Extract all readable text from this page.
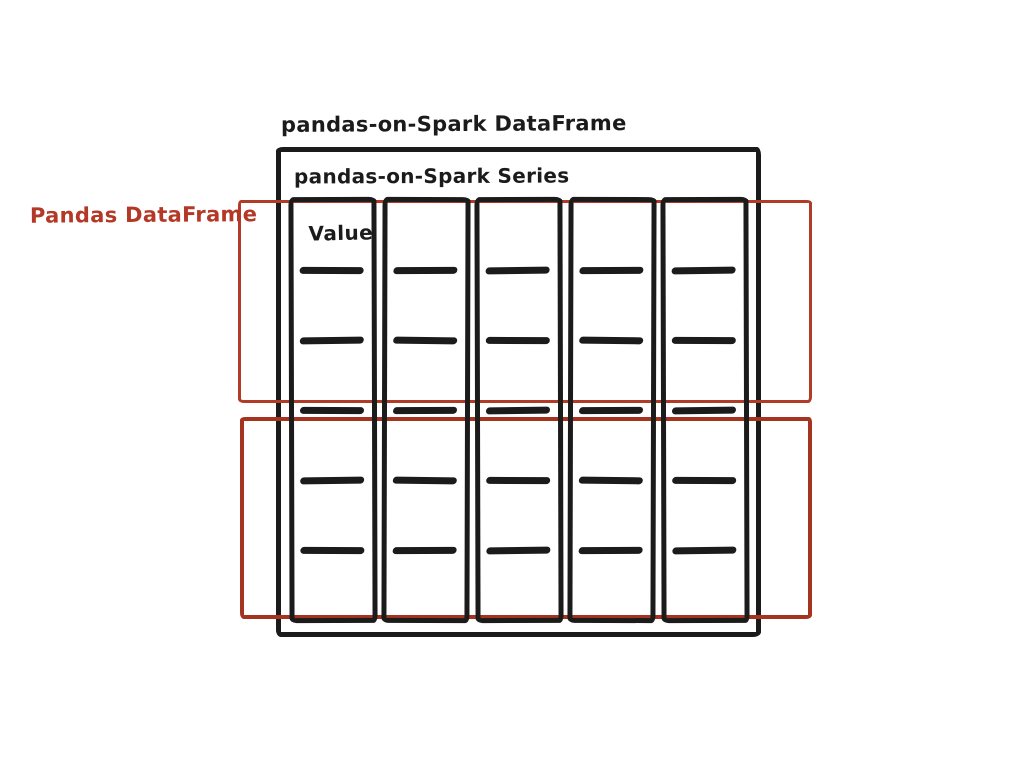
pandas-on-Spark DataFrame
pandas-on-Spark Series
Pandas DataFrame
Value
